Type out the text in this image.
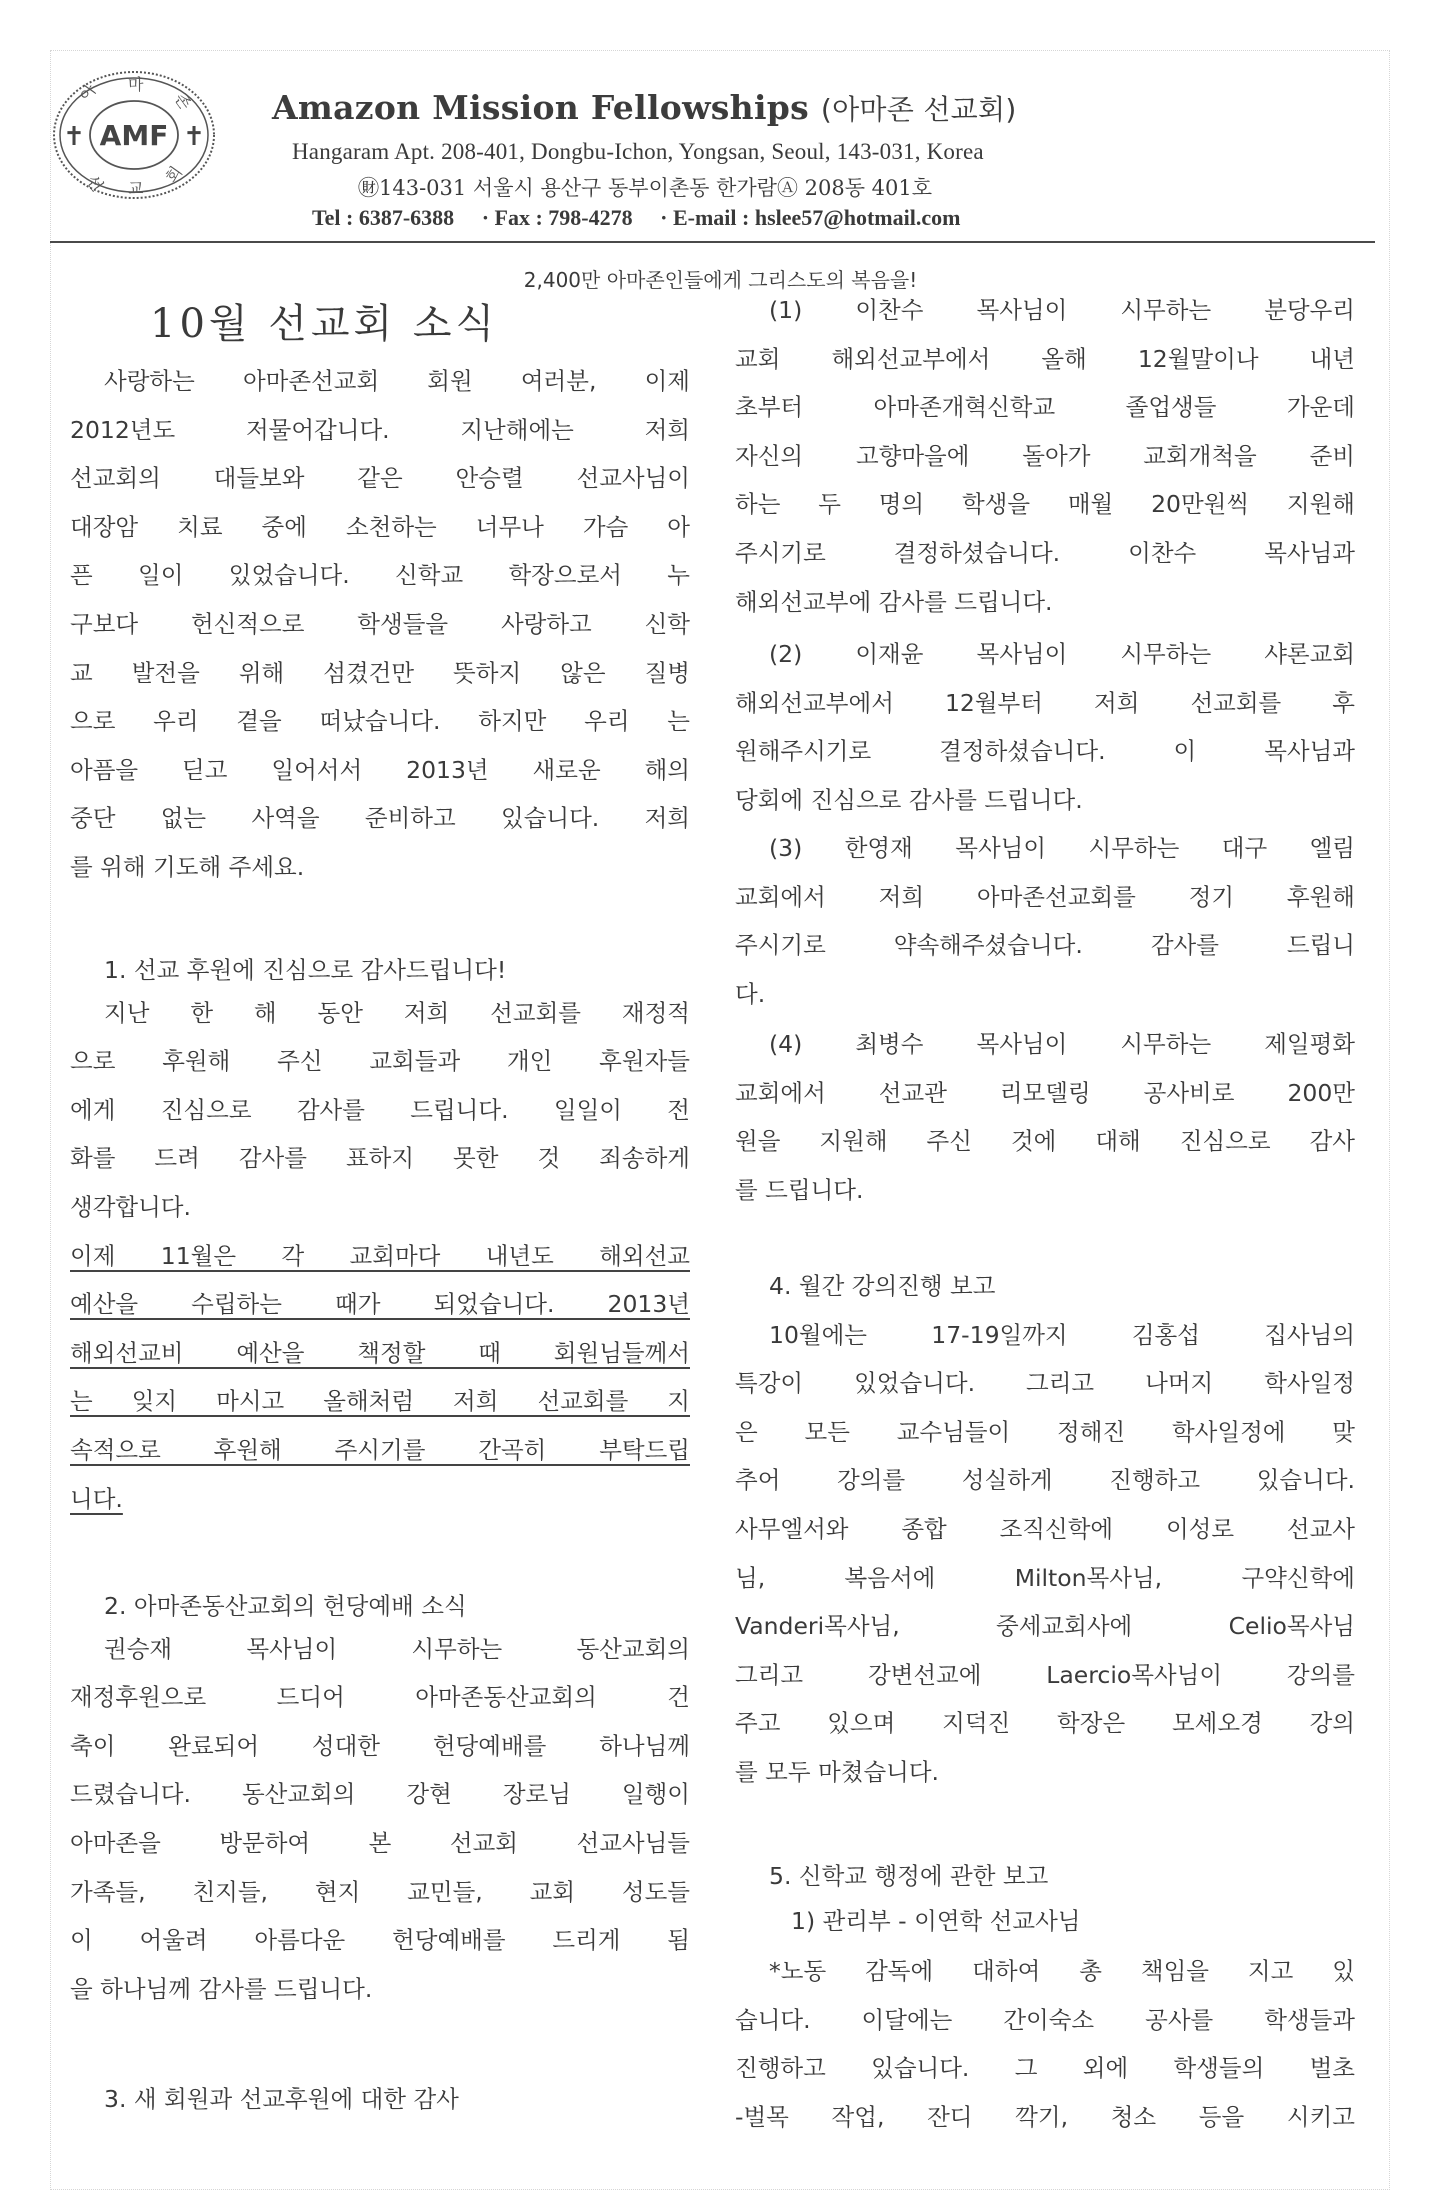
AMF
✝	✝
아 마
존
선 교
회
Amazon Mission Fellowships (아마존 선교회)
Hangaram Apt. 208-401, Dongbu-Ichon, Yongsan, Seoul, 143-031, Korea
㊖143-031 서울시 용산구 동부이촌동 한가람Ⓐ 208동 401호
Tel : 6387-6388 · Fax : 798-4278 · E-mail : hslee57@hotmail.com
2,400만 아마존인들에게 그리스도의 복음을!
10월 선교회 소식
사랑하는 아마존선교회 회원 여러분, 이제
2012년도 저물어갑니다. 지난해에는 저희
선교회의 대들보와 같은 안승렬 선교사님이
대장암 치료 중에 소천하는 너무나 가슴 아
픈 일이 있었습니다. 신학교 학장으로서 누
구보다 헌신적으로 학생들을 사랑하고 신학
교 발전을 위해 섬겼건만 뜻하지 않은 질병
으로 우리 곁을 떠났습니다. 하지만 우리 는
아픔을 딛고 일어서서 2013년 새로운 해의
중단 없는 사역을 준비하고 있습니다. 저희
를 위해 기도해 주세요.
1. 선교 후원에 진심으로 감사드립니다!
지난 한 해 동안 저희 선교회를 재정적
으로 후원해 주신 교회들과 개인 후원자들
에게 진심으로 감사를 드립니다. 일일이 전
화를 드려 감사를 표하지 못한 것 죄송하게
생각합니다.
이제 11월은 각 교회마다 내년도 해외선교
예산을 수립하는 때가 되었습니다. 2013년
해외선교비 예산을 책정할 때 회원님들께서
는 잊지 마시고 올해처럼 저희 선교회를 지
속적으로 후원해 주시기를 간곡히 부탁드립
니다.
2. 아마존동산교회의 헌당예배 소식
권승재 목사님이 시무하는 동산교회의
재정후원으로 드디어 아마존동산교회의 건
축이 완료되어 성대한 헌당예배를 하나님께
드렸습니다. 동산교회의 강현 장로님 일행이
아마존을 방문하여 본 선교회 선교사님들
가족들, 친지들, 현지 교민들, 교회 성도들
이 어울려 아름다운 헌당예배를 드리게 됨
을 하나님께 감사를 드립니다.
3. 새 회원과 선교후원에 대한 감사
(1) 이찬수 목사님이 시무하는 분당우리
교회 해외선교부에서 올해 12월말이나 내년
초부터 아마존개혁신학교 졸업생들 가운데
자신의 고향마을에 돌아가 교회개척을 준비
하는 두 명의 학생을 매월 20만원씩 지원해
주시기로 결정하셨습니다. 이찬수 목사님과
해외선교부에 감사를 드립니다.
(2) 이재윤 목사님이 시무하는 샤론교회
해외선교부에서 12월부터 저희 선교회를 후
원해주시기로 결정하셨습니다. 이 목사님과
당회에 진심으로 감사를 드립니다.
(3) 한영재 목사님이 시무하는 대구 엘림
교회에서 저희 아마존선교회를 정기 후원해
주시기로 약속해주셨습니다. 감사를 드립니
다.
(4) 최병수 목사님이 시무하는 제일평화
교회에서 선교관 리모델링 공사비로 200만
원을 지원해 주신 것에 대해 진심으로 감사
를 드립니다.
4. 월간 강의진행 보고
10월에는 17-19일까지 김홍섭 집사님의
특강이 있었습니다. 그리고 나머지 학사일정
은 모든 교수님들이 정해진 학사일정에 맞
추어 강의를 성실하게 진행하고 있습니다.
사무엘서와 종합 조직신학에 이성로 선교사
님, 복음서에 Milton목사님, 구약신학에
Vanderi목사님, 중세교회사에 Celio목사님
그리고 강변선교에 Laercio목사님이 강의를
주고 있으며 지덕진 학장은 모세오경 강의
를 모두 마쳤습니다.
5. 신학교 행정에 관한 보고
1) 관리부 - 이연학 선교사님
*노동 감독에 대하여 총 책임을 지고 있
습니다. 이달에는 간이숙소 공사를 학생들과
진행하고 있습니다. 그 외에 학생들의 벌초
-벌목 작업, 잔디 깍기, 청소 등을 시키고
